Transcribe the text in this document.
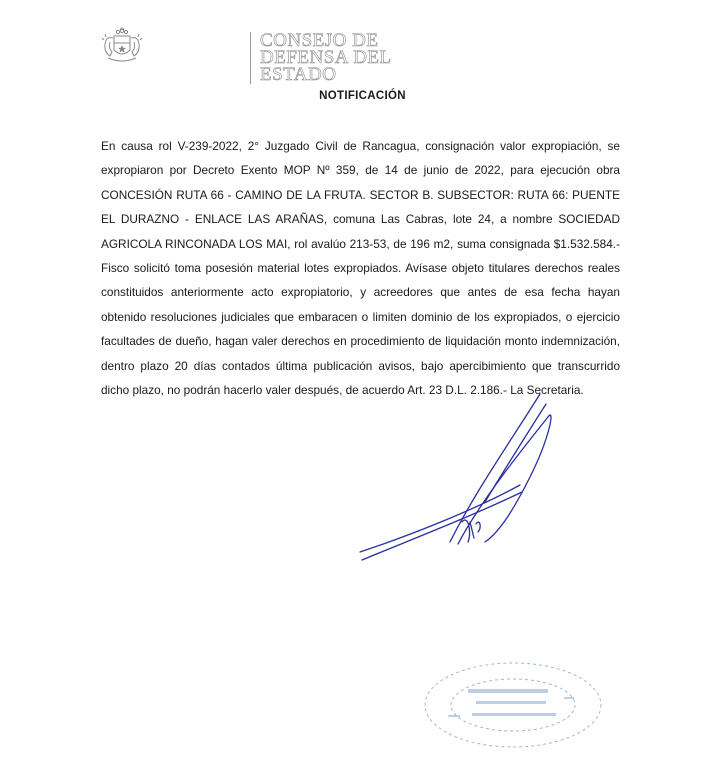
CONSEJO DE
DEFENSA DEL
ESTADO
NOTIFICACIÓN
En causa rol V-239-2022, 2° Juzgado Civil de Rancagua, consignación valor expropiación, se expropiaron por Decreto Exento MOP Nº 359, de 14 de junio de 2022, para ejecución obra CONCESIÓN RUTA 66 - CAMINO DE LA FRUTA. SECTOR B. SUBSECTOR: RUTA 66: PUENTE EL DURAZNO - ENLACE LAS ARAÑAS, comuna Las Cabras, lote 24, a nombre SOCIEDAD AGRICOLA RINCONADA LOS MAI, rol avalúo 213-53, de 196 m2, suma consignada $1.532.584.- Fisco solicitó toma posesión material lotes expropiados. Avísase objeto titulares derechos reales constituidos anteriormente acto expropiatorio, y acreedores que antes de esa fecha hayan obtenido resoluciones judiciales que embaracen o limiten dominio de los expropiados, o ejercicio facultades de dueño, hagan valer derechos en procedimiento de liquidación monto indemnización, dentro plazo 20 días contados última publicación avisos, bajo apercibimiento que transcurrido dicho plazo, no podrán hacerlo valer después, de acuerdo Art. 23 D.L. 2.186.- La Secretaria.
